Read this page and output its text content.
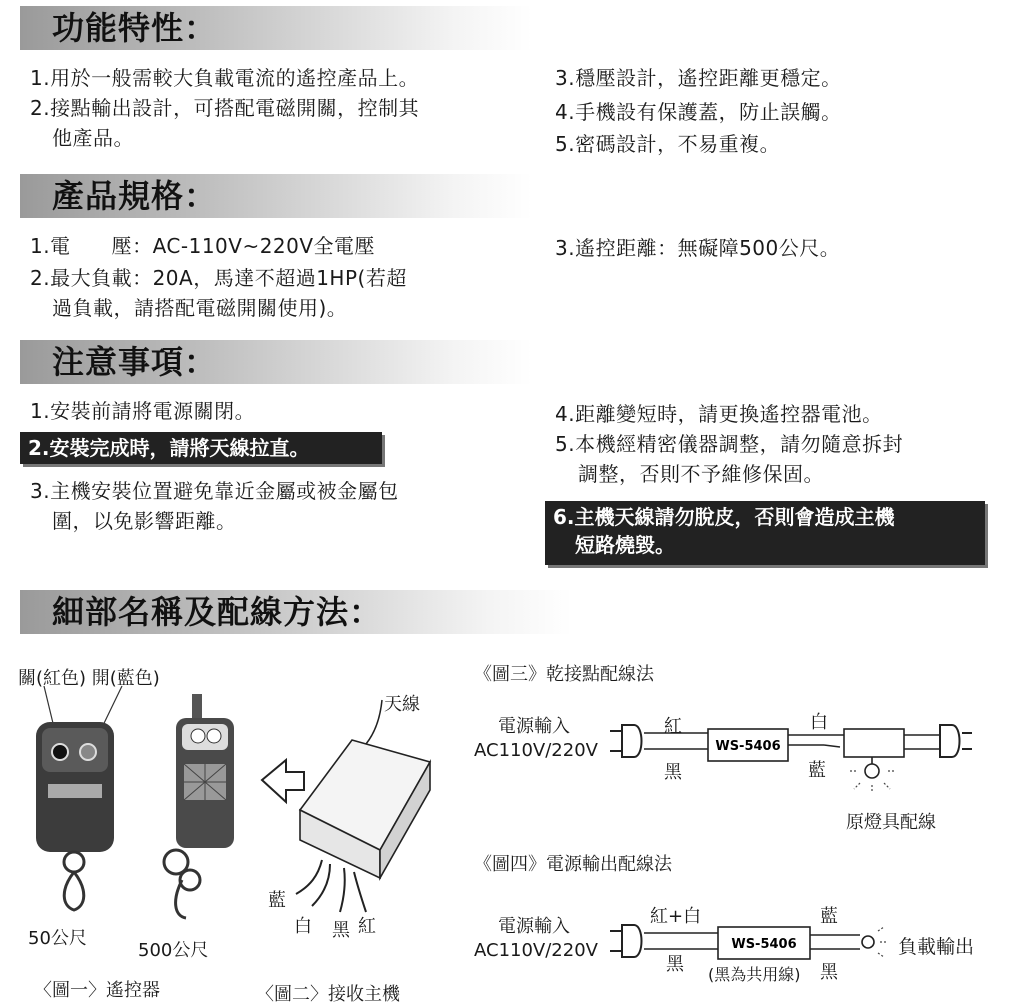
功能特性：
1.用於一般需較大負載電流的遙控產品上。
2.接點輸出設計，可搭配電磁開關，控制其
他產品。
3.穩壓設計，遙控距離更穩定。
4.手機設有保護蓋，防止誤觸。
5.密碼設計，不易重複。
產品規格：
1.電　　壓：AC-110V~220V全電壓
2.最大負載：20A，馬達不超過1HP(若超
過負載，請搭配電磁開關使用)。
3.遙控距離：無礙障500公尺。
注意事項：
1.安裝前請將電源關閉。
2.安裝完成時，請將天線拉直。
3.主機安裝位置避免靠近金屬或被金屬包
圍，以免影響距離。
4.距離變短時，請更換遙控器電池。
5.本機經精密儀器調整，請勿隨意拆封
調整，否則不予維修保固。
6.主機天線請勿脫皮，否則會造成主機
短路燒毀。
細部名稱及配線方法：
關(紅色) 開(藍色)
天線
藍
白 黑 紅
50公尺
500公尺
〈圖一〉遙控器	〈圖二〉接收主機
《圖三》乾接點配線法
電源輸入
AC110V/220V
紅
黑
白
藍
原燈具配線
WS-5406
《圖四》電源輸出配線法
電源輸入
AC110V/220V
紅+白
黑 (黑為共用線) 黑
藍
負載輸出
WS-5406
